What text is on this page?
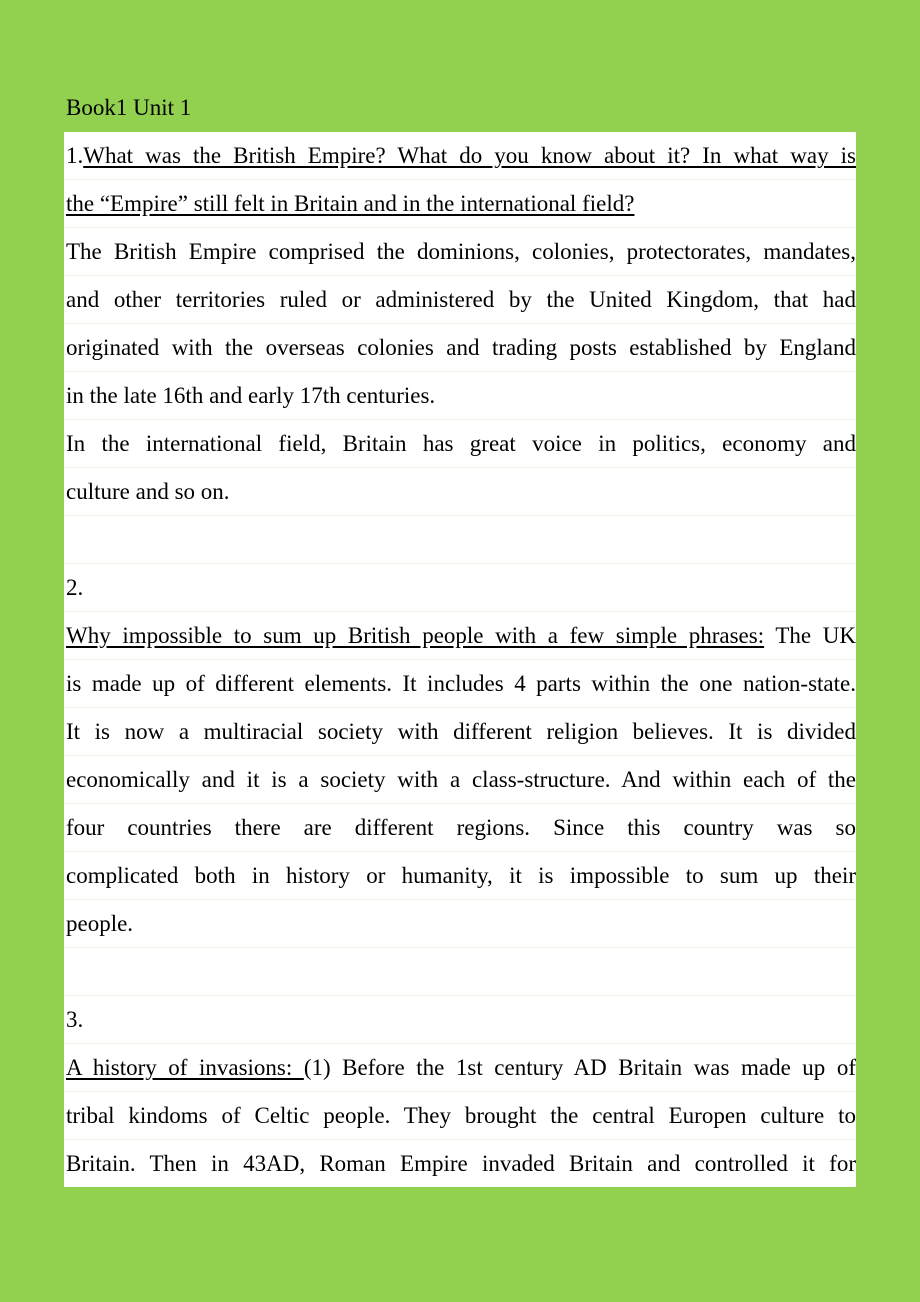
Book1 Unit 1
1.What was the British Empire? What do you know about it? In what way is
the “Empire” still felt in Britain and in the international field?
The British Empire comprised the dominions, colonies, protectorates, mandates,
and other territories ruled or administered by the United Kingdom, that had
originated with the overseas colonies and trading posts established by England
in the late 16th and early 17th centuries.
In the international field, Britain has great voice in politics, economy and
culture and so on.
2.
Why impossible to sum up British people with a few simple phrases: The UK
is made up of different elements. It includes 4 parts within the one nation-state.
It is now a multiracial society with different religion believes. It is divided
economically and it is a society with a class-structure. And within each of the
four countries there are different regions. Since this country was so
complicated both in history or humanity, it is impossible to sum up their
people.
3.
A history of invasions: (1) Before the 1st century AD Britain was made up of
tribal kindoms of Celtic people. They brought the central Europen culture to
Britain. Then in 43AD, Roman Empire invaded Britain and controlled it for
